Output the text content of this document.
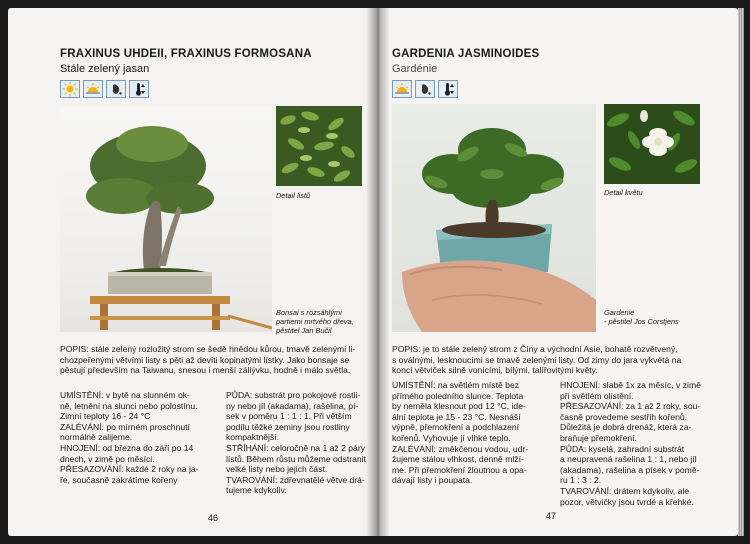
FRAXINUS UHDEII, FRAXINUS FORMOSANA
Stále zelený jasan
Detail listů
Bonsai s rozsáhlými
partiemi mrtvého dřeva,
pěstitel Jan Bučil

POPIS: stále zelený rozložitý strom se šedě hnědou kůrou, tmavě zelenými li-

chozpeřenými větvími listy s pěti až devíti kopinatými lístky. Jako bonsaje se

pěstují především na Taiwanu, snesou i menší záliývku, hodně i málo světla.

UMÍSTĚNÍ: v bytě na slunném ok-

ně, letnění na slunci nebo polostínu.

Zimní teploty 16 - 24 °C

ZALÉVÁNÍ: po mírném proschnutí

normálně zalijeme.

HNOJENÍ: od března do září po 14

dnech, v zimě po měsíci.

PŘESAZOVÁNÍ: každé 2 roky na ja-

ře, současně zakrátíme kořeny

PŮDA: substrát pro pokojové rostli-

ny nebo jíl (akadama), rašelina, pí-

sek v poměru 1 : 1 : 1. Při větším

podílu těžké zeminy jsou rostliny

kompaktnější.

STŘÍHÁNÍ: celoročně na 1 až 2 páry

lístů. Během růstu můžeme odstranit

velké listy nebo jejich část.

TVAROVÁNÍ: zdřevnatělé větve drá-

tujeme kdykoliv.

46
GARDENIA JASMINOIDES
Gardénie
Detail květu
Gardenie
- pěstitel Jos Corstjens

POPIS: je to stále zelený strom z Číny a východní Asie, bohatě rozvětvený,

s oválnými, lesknoucími se tmavě zelenými listy. Od zimy do jara vykvétá na

koncí větviček silně vonícími, bílými, talířovitými květy.

UMÍSTĚNÍ: na světlém místě bez

přímého poledního slunce. Teplota

by neměla klesnout pod 12 °C, ide-

ální teplota je 15 - 23 °C. Nesnáší

výpně, přemokření a podchlazení

kořenů. Vyhovuje jí vlhké teplo.

ZALÉVÁNÍ: změkčenou vodou, udr-

žujeme stálou vlhkost, denně mlží-

me. Při přemokření žloutnou a opa-

dávají listy i poupata.

HNOJENÍ: slabě 1x za měsíc, v zimě

při světlém olistění.

PŘESAZOVÁNÍ: za 1 až 2 roky, sou-

časně provedeme sestřih kořenů.

Důležitá je dobrá drenáž, která za-

braňuje přemokření.

PŮDA: kyselá, zahradní substrát

a neupravená rašelina 1 : 1, nebo jíl

(akadama), rašelina a písek v pomě-

ru 1 : 3 : 2.

TVAROVÁNÍ: drátem kdykoliv, ale

pozor, větvičky jsou tvrdé a křehké.

47
